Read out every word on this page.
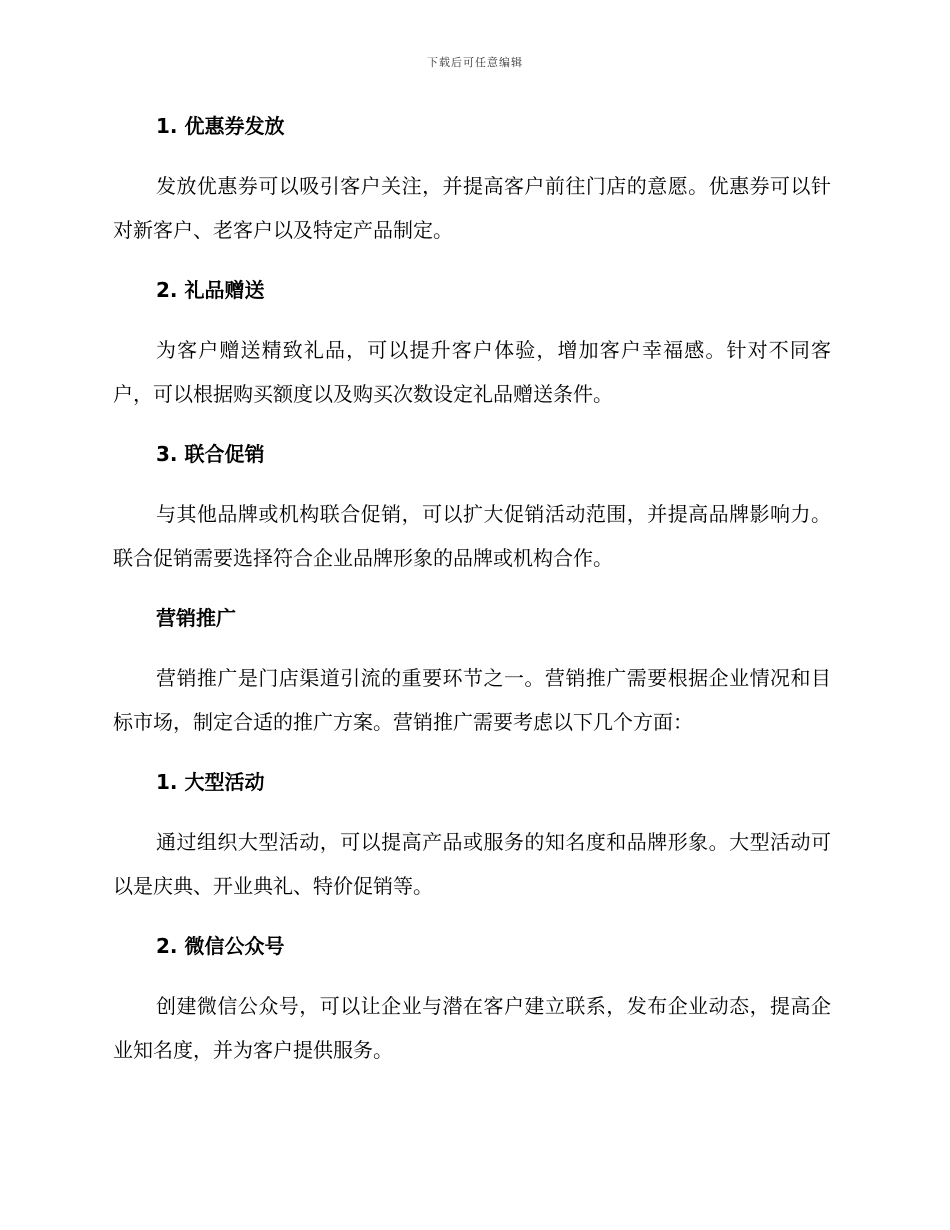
下载后可任意编辑
1. 优惠券发放

发放优惠券可以吸引客户关注，并提高客户前往门店的意愿。优惠券可以针对新客户、老客户以及特定产品制定。

2. 礼品赠送

为客户赠送精致礼品，可以提升客户体验，增加客户幸福感。针对不同客户，可以根据购买额度以及购买次数设定礼品赠送条件。

3. 联合促销

与其他品牌或机构联合促销，可以扩大促销活动范围，并提高品牌影响力。联合促销需要选择符合企业品牌形象的品牌或机构合作。

营销推广

营销推广是门店渠道引流的重要环节之一。营销推广需要根据企业情况和目标市场，制定合适的推广方案。营销推广需要考虑以下几个方面：

1. 大型活动

通过组织大型活动，可以提高产品或服务的知名度和品牌形象。大型活动可以是庆典、开业典礼、特价促销等。

2. 微信公众号

创建微信公众号，可以让企业与潜在客户建立联系，发布企业动态，提高企业知名度，并为客户提供服务。
